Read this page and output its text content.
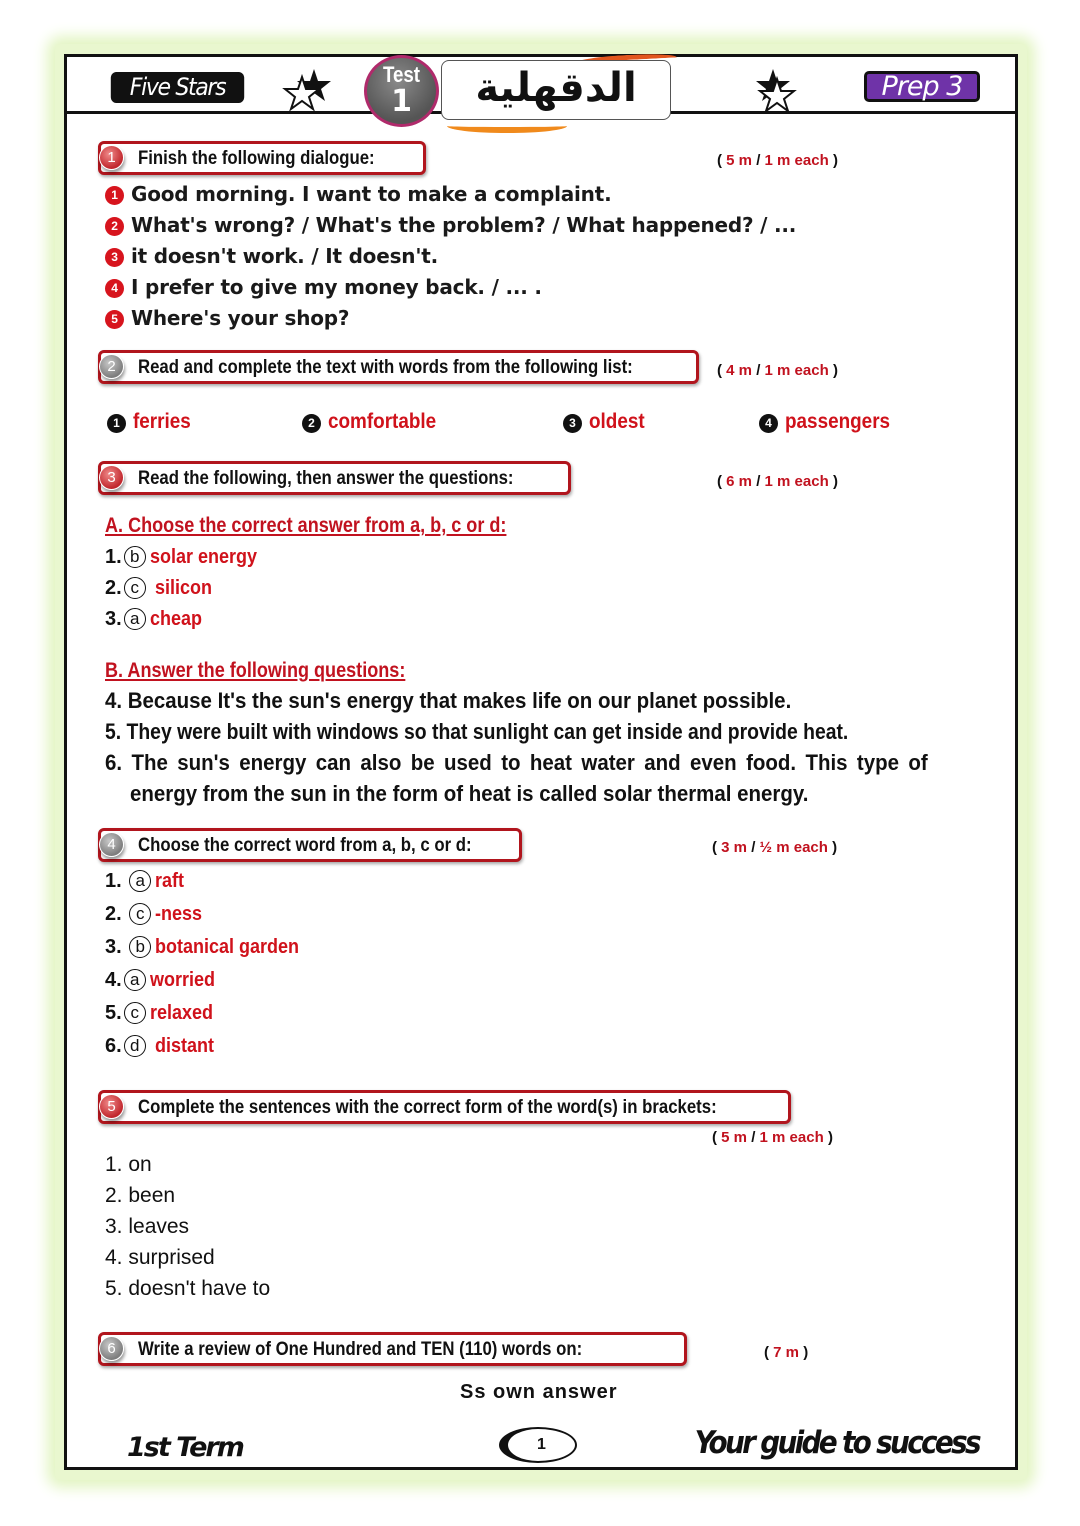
Five Stars	Test
1	الدقهلية	Prep 3
1	Finish the following dialogue:	( 5 m / 1 m each )
1 Good morning. I want to make a complaint.
2 What's wrong? / What's the problem? / What happened? / ...
3 it doesn't work. / It doesn't.
4 I prefer to give my money back. / ... .
5 Where's your shop?
2	Read and complete the text with words from the following list:	( 4 m / 1 m each )
1 ferries	2 comfortable	3 oldest	4 passengers
3	Read the following, then answer the questions:	( 6 m / 1 m each )
A. Choose the correct answer from a, b, c or d:
1. b solar energy
2. c silicon
3. a cheap
B. Answer the following questions:
4. Because It's the sun's energy that makes life on our planet possible.
5. They were built with windows so that sunlight can get inside and provide heat.
6. The sun's energy can also be used to heat water and even food. This type of
energy from the sun in the form of heat is called solar thermal energy.
4	Choose the correct word from a, b, c or d:	( 3 m / ½ m each )
1. a raft
2. c -ness
3. b botanical garden
4. a worried
5. c relaxed
6. d distant
5	Complete the sentences with the correct form of the word(s) in brackets:
( 5 m / 1 m each )
1. on
2. been
3. leaves
4. surprised
5. doesn't have to
6	Write a review of One Hundred and TEN (110) words on:	( 7 m )
Ss own answer
1st Term	1	Your guide to success
